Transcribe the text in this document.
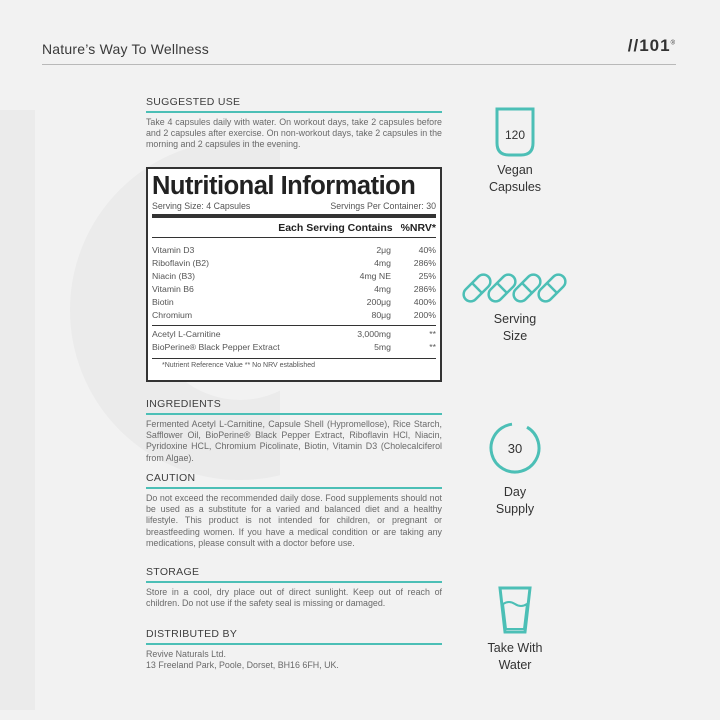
Nature’s Way To Wellness	//101®
SUGGESTED USE
Take 4 capsules daily with water. On workout days, take 2 capsules before and 2 capsules after exercise. On non-workout days, take 2 capsules in the morning and 2 capsules in the evening.
Nutritional Information
Serving Size: 4 Capsules	Servings Per Container: 30
Each Serving Contains %NRV*
Vitamin D3	2μg	40%
Riboflavin (B2)	4mg	286%
Niacin (B3)	4mg NE	25%
Vitamin B6	4mg	286%
Biotin	200μg	400%
Chromium	80μg	200%
Acetyl L-Carnitine	3,000mg	**
BioPerine® Black Pepper Extract	5mg	**
*Nutrient Reference Value ** No NRV established
INGREDIENTS
Fermented Acetyl L-Carnitine, Capsule Shell (Hypromellose), Rice Starch, Safflower Oil, BioPerine® Black Pepper Extract, Riboflavin HCl, Niacin, Pyridoxine HCL, Chromium Picolinate, Biotin, Vitamin D3 (Cholecalciferol from Algae).
CAUTION
Do not exceed the recommended daily dose. Food supplements should not be used as a substitute for a varied and balanced diet and a healthy lifestyle. This product is not intended for children, or pregnant or breastfeeding women. If you have a medical condition or are taking any medications, please consult with a doctor before use.
STORAGE
Store in a cool, dry place out of direct sunlight. Keep out of reach of children. Do not use if the safety seal is missing or damaged.
DISTRIBUTED BY
Revive Naturals Ltd.
13 Freeland Park, Poole, Dorset, BH16 6FH, UK.
120
Vegan
Capsules
Serving
Size
30
Day
Supply
Take With
Water
